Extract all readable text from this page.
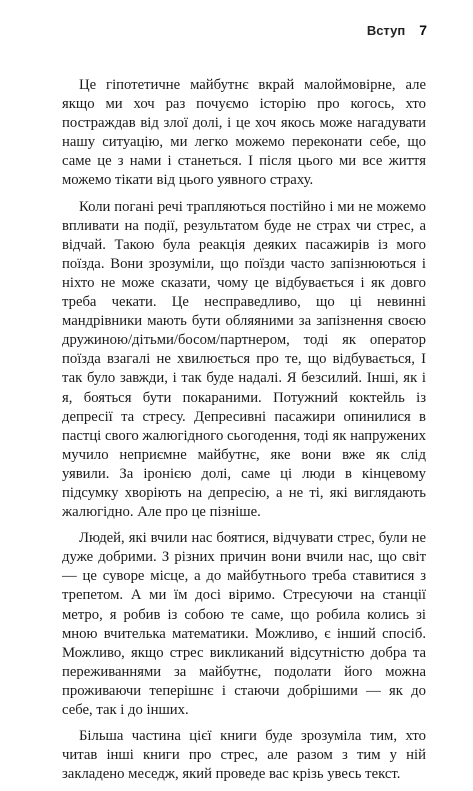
Вступ 7

Це гіпотетичне майбутнє вкрай малоймовірне, але якщо ми хоч раз почуємо історію про когось, хто постраждав від злої долі, і це хоч якось може нагадувати нашу ситуацію, ми легко можемо переконати себе, що саме це з нами і станеться. І після цього ми все життя можемо тікати від цього уявного страху.

Коли погані речі трапляються постійно і ми не можемо впливати на події, результатом буде не страх чи стрес, а відчай. Такою була реакція деяких пасажирів із мого поїзда. Вони зрозуміли, що поїзди часто запізнюються і ніхто не може сказати, чому це відбувається і як довго треба чекати. Це несправедливо, що ці невинні мандрівники мають бути обляяними за запізнення своєю дружиною/дітьми/босом/партнером, тоді як оператор поїзда взагалі не хвилюється про те, що відбувається, І так було завжди, і так буде надалі. Я безсилий. Інші, як і я, бояться бути покараними. Потужний коктейль із депресії та стресу. Депресивні пасажири опинилися в пастці свого жалюгідного сьогодення, тоді як напружених мучило неприємне майбутнє, яке вони вже як слід уявили. За іронією долі, саме ці люди в кінцевому підсумку хворіють на депресію, а не ті, які виглядають жалюгідно. Але про це пізніше.

Людей, які вчили нас боятися, відчувати стрес, були не дуже добрими. З різних причин вони вчили нас, що світ — це суворе місце, а до майбутнього треба ставитися з трепетом. А ми їм досі віримо. Стресуючи на станції метро, я робив із собою те саме, що робила колись зі мною вчителька математики. Можливо, є інший спосіб. Можливо, якщо стрес викликаний відсутністю добра та переживаннями за майбутнє, подолати його можна проживаючи теперішнє і стаючи добрішими — як до себе, так і до інших.

Більша частина цієї книги буде зрозуміла тим, хто читав інші книги про стрес, але разом з тим у ній закладено меседж, який проведе вас крізь увесь текст.
